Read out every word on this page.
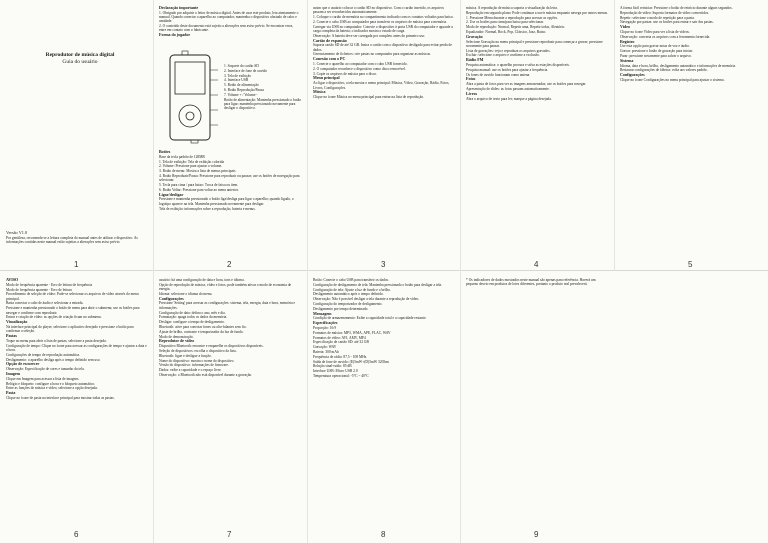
Reprodutor de música digital
Guia do usuário
Versão V1.0
Por gentileza, recomenda-se a leitura completa do manual antes de utilizar o dispositivo. As informações contidas neste manual estão sujeitas a alterações sem aviso prévio.
1

Declaração importante

1. Obrigado por adquirir o leitor de música digital. Antes de usar este produto, leia atentamente o manual. Quando conectar o aparelho ao computador, mantenha o dispositivo afastado de calor e umidade.

2. O conteúdo deste documento está sujeito a alterações sem aviso prévio. Se encontrar erros, entre em contato com o fabricante.

Forma do jogador

1. Soquete do cartão SD

2. Interface de fone de ouvido

3. Tela de exibição

4. Interface USB

5. Botão de alimentação

6. Botão Reprodução/Pausa

7. Volume + / Volume -

Botão de alimentação: Mantenha pressionado o botão para ligar; mantenha pressionado novamente para desligar o dispositivo.

Botões

Base da tecla padrão de 128MB

1. Tela de exibição: Tela de exibição colorida

2. Volume: Pressione para ajustar o volume.

3. Botão de menu: Mostra a lista de menus principais.

4. Botão Reproduzir/Pausa: Pressione para reproduzir ou pausar; use os botões de navegação para selecionar.

5. Tecla para cima / para baixo: Troca de faixa ou item.

6. Botão Voltar: Pressione para voltar ao menu anterior.

Ligar/desligar

Pressione e mantenha pressionado o botão liga/desliga para ligar o aparelho; quando ligado, o logotipo aparece na tela. Mantenha pressionado novamente para desligar.

Tela de exibição: informações sobre a reprodução, bateria e menus.

2

assim que o usuário colocar o cartão SD no dispositivo. Com o cartão inserido, os arquivos passam a ser reconhecidos automaticamente.

1. Coloque o cartão de memória no compartimento indicado com os contatos voltados para baixo.

2. Conecte o cabo USB ao computador para transferir os arquivos de música para a memória.

Carregar via USB no computador: Conecte o dispositivo à porta USB do computador e aguarde a carga completa da bateria; o indicador mostra o estado de carga.

Observação: A bateria deve ser carregada por completo antes do primeiro uso.

Cartão de expansão

Suporta cartão SD de até 32 GB. Insira o cartão com o dispositivo desligado para evitar perda de dados.

Gerenciamento de ficheiros: crie pastas no computador para organizar as músicas.

Conexão com o PC

1. Conecte o aparelho ao computador com o cabo USB fornecido.

2. O computador reconhece o dispositivo como disco removível.

3. Copie os arquivos de música para o disco.

Menu principal

Ao ligar o dispositivo, a tela mostra o menu principal: Música, Vídeo, Gravação, Rádio, Fotos, Livros, Configurações.

Música

Clique no ícone Música no menu principal para entrar na lista de reprodução.

3

música. A reprodução de música suporta a visualização da letra.

Reprodução em segundo plano: Pode continuar a ouvir música enquanto navega por outros menus.

1. Pressione Menu durante a reprodução para acessar as opções.

2. Use os botões para cima/para baixo para selecionar.

Modo de reprodução: Normal, Repetir uma, Repetir todas, Aleatório.

Equalizador: Normal, Rock, Pop, Clássico, Jazz, Baixo.

Gravação

Selecione Gravação no menu principal e pressione reproduzir para começar a gravar; pressione novamente para pausar.

Lista de gravações: veja e reproduza os arquivos gravados.

Excluir: selecione o arquivo e confirme a exclusão.

Rádio FM

Pesquisa automática: o aparelho procura e salva as estações disponíveis.

Pesquisa manual: use os botões para ajustar a frequência.

Os fones de ouvido funcionam como antena.

Fotos

Abra a pasta de fotos para ver as imagens armazenadas; use os botões para navegar.

Apresentação de slides: as fotos passam automaticamente.

Livros

Abra o arquivo de texto para ler; marque a página desejada.

4

A forma fácil reiniciar: Pressione o botão de reinício durante alguns segundos.

Reprodução de vídeo: Suporta formatos de vídeo convertidos.

Repetir: selecione o modo de repetição para a pasta.

Navegação por pastas: use os botões para entrar e sair das pastas.

Vídeo

Clique no ícone Vídeo para ver a lista de vídeos.

Observação: converta os arquivos com a ferramenta fornecida.

Registro

Use esta opção para gravar notas de voz e áudio.

Gravar: pressione o botão de gravação para iniciar.

Parar: pressione novamente para salvar o arquivo.

Sistema

Idioma, data e hora, brilho, desligamento automático e informações de memória.

Restaurar configurações de fábrica: volta aos valores padrão.

Configurações

Clique no ícone Configurações no menu principal para ajustar o sistema.

5

AVISO

Modo de frequência aparente - Erro de leitura de frequência

Modo de frequência aparente - Erro de leitura

Procedimento de seleção de vídeo: Pode-se selecionar os arquivos de vídeo através do menu principal.

Basta conectar o cabo de áudio e selecionar a entrada.

Pressione e mantenha pressionado o botão de menu para abrir o submenu; use os botões para navegar e confirme com reproduzir.

Entrar e criação de vídeo: as opções de criação ficam no submenu.

Visualização

Na interface principal do player, selecione o aplicativo desejado e pressione o botão para confirmar a seleção.

Pastas

Toque no menu para abrir a lista de pastas; selecione a pasta desejada.

Configuração de tempo: Clique no ícone para acessar as configurações de tempo e ajustar a data e a hora.

Configurações de tempo de reprodução automática.

Desligamento: o aparelho desliga após o tempo definido sem uso.

Opção de escurecer

Observação: Especificação de cores e tamanho da tela.

Imagem

Clique em Imagem para acessar a lista de imagens.

Relógio e bloqueio: configure a hora e o bloqueio automático.

Entre as funções de música e vídeo, selecione a opção desejada.

Pasta

Clique no ícone de pasta na interface principal para mostrar todas as pastas.

6

usuário: há uma configuração de data e hora, tons e idioma.

Opção de reprodução de música, vídeo e fotos; pode também ativar o modo de economia de energia.

Idioma: selecione o idioma do menu.

Configurações

Pressione 'Setting' para acessar as configurações: sistema, tela, energia, data e hora, memória e informações.

Configuração de data: defina o ano, mês e dia.

Formatação: apaga todos os dados da memória.

Desligar: configure o tempo de desligamento.

Bluetooth: ative para conectar fones ou alto-falantes sem fio.

Ajuste de brilho, contraste e temporizador da luz de fundo.

Modo de demonstração.

Reprodutor de vídeo

Dispositivo Bluetooth: encontre e emparelhe os dispositivos disponíveis.

Seleção de dispositivos: escolha o dispositivo da lista.

Bluetooth: ligue e desligue a função.

Nome do dispositivo: mostra o nome do dispositivo.

Versão do dispositivo: informações de firmware.

Dados: exibe a capacidade e o espaço livre.

Observação: o Bluetooth não está disponível durante a gravação.

7

Botão: Conecte o cabo USB para transferir os dados.

Configuração de desligamento de tela: Mantenha pressionado o botão para desligar a tela.

Configuração de tela: Ajuste a luz de fundo e o brilho.

Desligamento automático após o tempo definido.

Observação: Não é possível desligar a tela durante a reprodução de vídeo.

Configuração do temporizador de desligamento.

Desligamento por tempo determinado.

Mensagem

Condição de armazenamento: Exibe a capacidade total e a capacidade restante.

Especificações

Proporção: 16:9

Formatos de música: MP3, WMA, APE, FLAC, WAV

Formatos de vídeo: AVI, AMV, MP4

Especificação de cartão SD: até 32 GB

Gravação: WAV

Bateria: 300 mAh

Frequência de rádio: 87,5 - 108 MHz

Saída de fone de ouvido: (E)5mW+(D)5mW 32Ohm

Relação sinal-ruído: 85 dB

Interface USB: Micro USB 2.0

Temperatura operacional: -5°C ~ 40°C

8

* Os indicadores de dados mostrados neste manual são apenas para referência. Haverá um pequeno desvio em produtos de lotes diferentes, portanto o produto real prevalecerá.

9
